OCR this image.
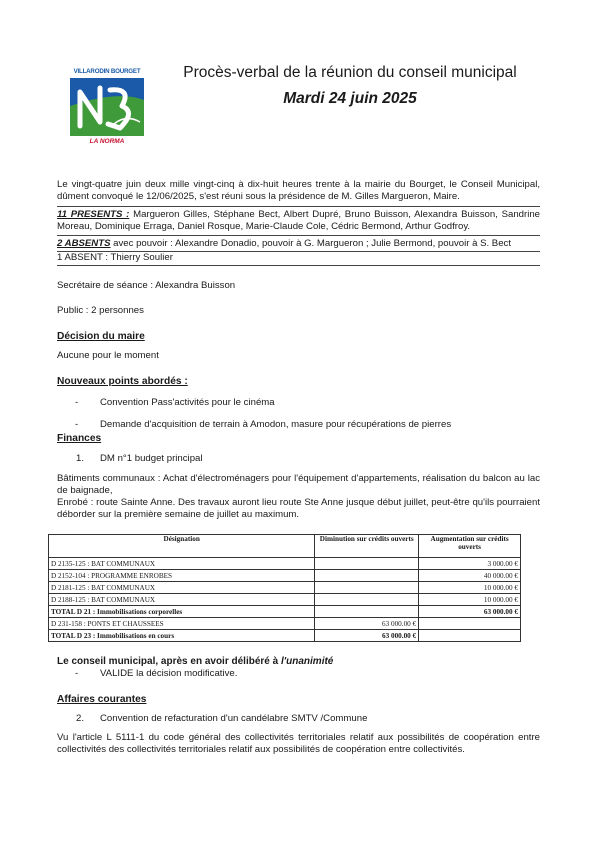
VILLARODIN BOURGET
LA NORMA
Procès-verbal de la réunion du conseil municipal
Mardi 24 juin 2025
Le vingt-quatre juin deux mille vingt-cinq à dix-huit heures trente à la mairie du Bourget, le Conseil Municipal, dûment convoqué le 12/06/2025, s'est réuni sous la présidence de M. Gilles Margueron, Maire.
11 PRESENTS : Margueron Gilles, Stéphane Bect, Albert Dupré, Bruno Buisson, Alexandra Buisson, Sandrine Moreau, Dominique Erraga, Daniel Rosque, Marie-Claude Cole, Cédric Bermond, Arthur Godfroy.
2 ABSENTS avec pouvoir : Alexandre Donadio, pouvoir à G. Margueron ; Julie Bermond, pouvoir à S. Bect
1 ABSENT : Thierry Soulier
Secrétaire de séance : Alexandra Buisson
Public : 2 personnes
Décision du maire
Aucune pour le moment
Nouveaux points abordés :
- Convention Pass'activités pour le cinéma
- Demande d'acquisition de terrain à Amodon, masure pour récupérations de pierres
Finances
1. DM n°1 budget principal
Bâtiments communaux : Achat d'électroménagers pour l'équipement d'appartements, réalisation du balcon au lac de baignade,
Enrobé : route Sainte Anne. Des travaux auront lieu route Ste Anne jusque début juillet, peut-être qu'ils pourraient déborder sur la première semaine de juillet au maximum.
Désignation	Diminution sur crédits ouverts	Augmentation sur crédits ouverts
D 2135-125 : BAT COMMUNAUX		3 000.00 €
D 2152-104 : PROGRAMME ENROBES		40 000.00 €
D 2181-125 : BAT COMMUNAUX		10 000.00 €
D 2188-125 : BAT COMMUNAUX		10 000.00 €
TOTAL D 21 : Immobilisations corporelles		63 000.00 €
D 231-158 : PONTS ET CHAUSSEES	63 000.00 €	
TOTAL D 23 : Immobilisations en cours	63 000.00 €	
Le conseil municipal, après en avoir délibéré à l'unanimité
- VALIDE la décision modificative.
Affaires courantes
2. Convention de refacturation d'un candélabre SMTV /Commune
Vu l'article L 5111-1 du code général des collectivités territoriales relatif aux possibilités de coopération entre collectivités des collectivités territoriales relatif aux possibilités de coopération entre collectivités.
